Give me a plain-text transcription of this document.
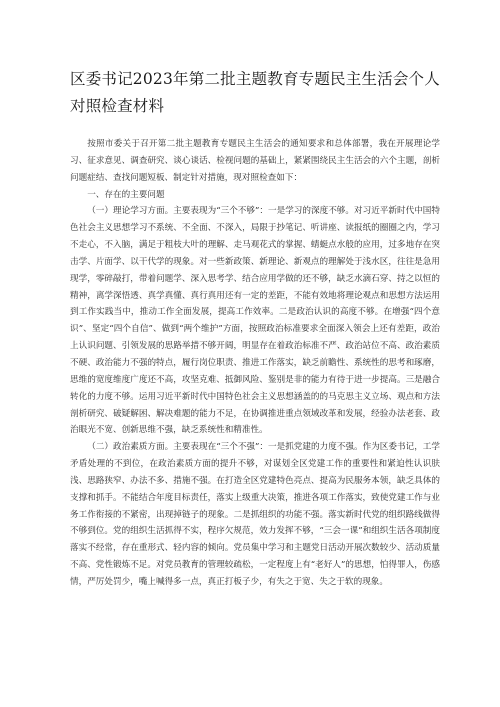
区委书记2023年第二批主题教育专题民主生活会个人对照检查材料

按照市委关于召开第二批主题教育专题民主生活会的通知要求和总体部署，我在开展理论学习、征求意见、调查研究、谈心谈话、检视问题的基础上，紧紧围绕民主生活会的六个主题，剖析问题症结、查找问题短板、制定针对措施，现对照检查如下：

一、存在的主要问题

（一）理论学习方面。主要表现为“三个不够”：一是学习的深度不够。对习近平新时代中国特色社会主义思想学习不系统、不全面、不深入，局限于抄笔记、听讲座、读报纸的圈圈之内，学习不走心，不入脑，满足于粗枝大叶的理解、走马观花式的掌握、蜻蜓点水般的应用，过多地存在突击学、片面学、以干代学的现象。对一些新政策、新理论、新观点的理解处于浅水区，往往是急用现学，零碎敲打，带着问题学、深入思考学、结合应用学做的还不够，缺乏水滴石穿、持之以恒的精神，离学深悟透、真学真懂、真行真用还有一定的差距，不能有效地将理论观点和思想方法运用到工作实践当中，推动工作全面发展，提高工作效率。二是政治认识的高度不够。在增强“四个意识”、坚定“四个自信”、做到“两个维护”方面，按照政治标准要求全面深入领会上还有差距，政治上认识问题、引领发展的思路举措不够开阔，明显存在着政治标准不严、政治站位不高、政治素质不硬、政治能力不强的特点，履行岗位职责、推进工作落实，缺乏前瞻性、系统性的思考和琢磨，思维的宽度维度广度还不高，攻坚克难、抵御风险、鉴别是非的能力有待于进一步提高。三是融合转化的力度不够。运用习近平新时代中国特色社会主义思想涵盖的的马克思主义立场、观点和方法剖析研究、破疑解困、解决难题的能力不足，在协调推进重点领域改革和发展，经验办法老套、政治眼光不宽、创新思维不强，缺乏系统性和精准性。

（二）政治素质方面。主要表现在“三个不强”：一是抓党建的力度不强。作为区委书记，工学矛盾处理的不到位，在政治素质方面的提升不够，对谋划全区党建工作的重要性和紧迫性认识肤浅、思路狭窄、办法不多、措施不强。在打造全区党建特色亮点、提高为民服务本领，缺乏具体的支撑和抓手。不能结合年度目标责任，落实上级重大决策，推进各项工作落实，致使党建工作与业务工作衔接的不紧密，出现掉链子的现象。二是抓组织的功能不强。落实新时代党的组织路线做得不够到位。党的组织生活抓得不实，程序欠规范，效力发挥不够，“三会一课”和组织生活各项制度落实不经常，存在重形式、轻内容的倾向。党员集中学习和主题党日活动开展次数较少、活动质量不高、党性锻炼不足。对党员教育的管理较疏松，一定程度上有“老好人”的思想，怕得罪人，伤感情，严厉处罚少，嘴上喊得多一点，真正打板子少，有失之于宽、失之于软的现象。
